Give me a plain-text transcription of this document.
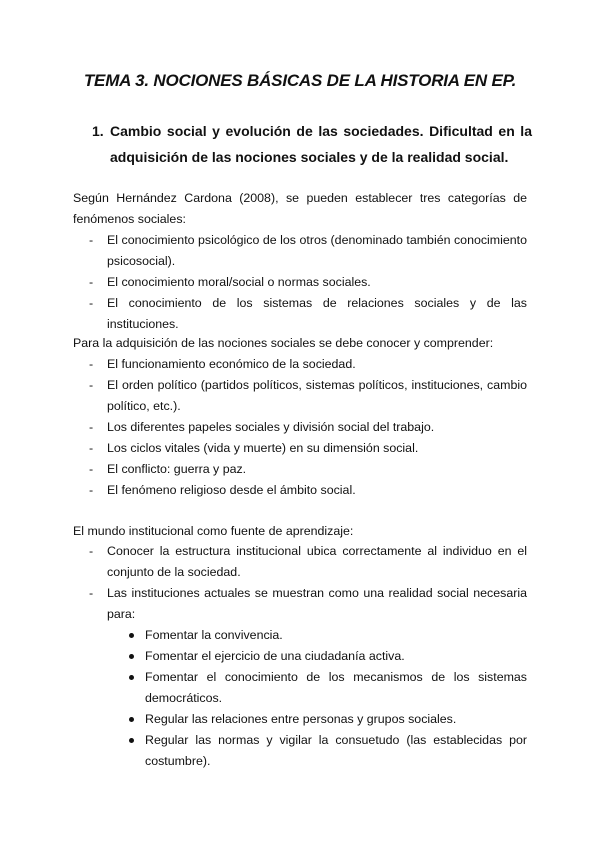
TEMA 3. NOCIONES BÁSICAS DE LA HISTORIA EN EP.
1. Cambio social y evolución de las sociedades. Dificultad en la adquisición de las nociones sociales y de la realidad social.
Según Hernández Cardona (2008), se pueden establecer tres categorías de fenómenos sociales:
- El conocimiento psicológico de los otros (denominado también conocimiento psicosocial).
- El conocimiento moral/social o normas sociales.
- El conocimiento de los sistemas de relaciones sociales y de las instituciones.
Para la adquisición de las nociones sociales se debe conocer y comprender:
- El funcionamiento económico de la sociedad.
- El orden político (partidos políticos, sistemas políticos, instituciones, cambio político, etc.).
- Los diferentes papeles sociales y división social del trabajo.
- Los ciclos vitales (vida y muerte) en su dimensión social.
- El conflicto: guerra y paz.
- El fenómeno religioso desde el ámbito social.
El mundo institucional como fuente de aprendizaje:
- Conocer la estructura institucional ubica correctamente al individuo en el conjunto de la sociedad.
- Las instituciones actuales se muestran como una realidad social necesaria para:
Fomentar la convivencia.
Fomentar el ejercicio de una ciudadanía activa.
Fomentar el conocimiento de los mecanismos de los sistemas democráticos.
Regular las relaciones entre personas y grupos sociales.
Regular las normas y vigilar la consuetudo (las establecidas por costumbre).
